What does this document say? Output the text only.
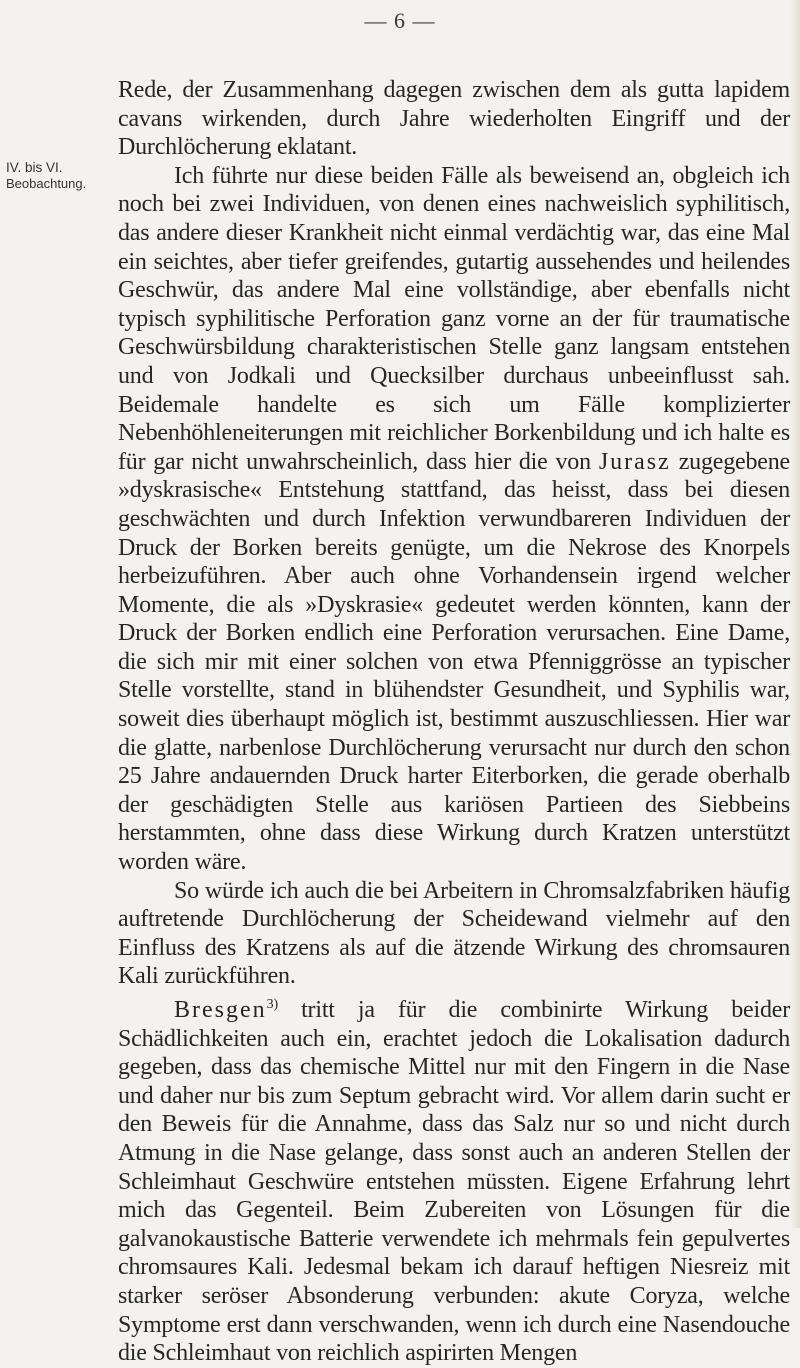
— 6 —
IV. bis VI.
Beobachtung.

Rede, der Zusammenhang dagegen zwischen dem als gutta lapidem cavans wirkenden, durch Jahre wiederholten Eingriff und der Durchlöcherung eklatant.

Ich führte nur diese beiden Fälle als beweisend an, obgleich ich noch bei zwei Individuen, von denen eines nachweislich syphilitisch, das andere dieser Krankheit nicht einmal verdächtig war, das eine Mal ein seichtes, aber tiefer greifendes, gutartig aussehendes und heilendes Geschwür, das andere Mal eine vollständige, aber ebenfalls nicht typisch syphilitische Perforation ganz vorne an der für traumatische Geschwürsbildung charakteristischen Stelle ganz langsam entstehen und von Jodkali und Quecksilber durchaus unbeeinflusst sah. Beidemale handelte es sich um Fälle komplizierter Nebenhöhleneiterungen mit reichlicher Borkenbildung und ich halte es für gar nicht unwahrscheinlich, dass hier die von Jurasz zugegebene »dyskrasische« Entstehung stattfand, das heisst, dass bei diesen geschwächten und durch Infektion verwundbareren Individuen der Druck der Borken bereits genügte, um die Nekrose des Knorpels herbeizuführen. Aber auch ohne Vorhandensein irgend welcher Momente, die als »Dyskrasie« gedeutet werden könnten, kann der Druck der Borken endlich eine Perforation verursachen. Eine Dame, die sich mir mit einer solchen von etwa Pfenniggrösse an typischer Stelle vorstellte, stand in blühendster Gesundheit, und Syphilis war, soweit dies überhaupt möglich ist, bestimmt auszuschliessen. Hier war die glatte, narbenlose Durchlöcherung verursacht nur durch den schon 25 Jahre andauernden Druck harter Eiterborken, die gerade oberhalb der geschädigten Stelle aus kariösen Partieen des Siebbeins herstammten, ohne dass diese Wirkung durch Kratzen unterstützt worden wäre.

So würde ich auch die bei Arbeitern in Chromsalzfabriken häufig auftretende Durchlöcherung der Scheidewand vielmehr auf den Einfluss des Kratzens als auf die ätzende Wirkung des chromsauren Kali zurückführen.

Bresgen$^{3)}$ tritt ja für die combinirte Wirkung beider Schädlichkeiten auch ein, erachtet jedoch die Lokalisation dadurch gegeben, dass das chemische Mittel nur mit den Fingern in die Nase und daher nur bis zum Septum gebracht wird. Vor allem darin sucht er den Beweis für die Annahme, dass das Salz nur so und nicht durch Atmung in die Nase gelange, dass sonst auch an anderen Stellen der Schleimhaut Geschwüre entstehen müssten. Eigene Erfahrung lehrt mich das Gegenteil. Beim Zubereiten von Lösungen für die galvanokaustische Batterie verwendete ich mehrmals fein gepulvertes chromsaures Kali. Jedesmal bekam ich darauf heftigen Niesreiz mit starker seröser Absonderung verbunden: akute Coryza, welche Symptome erst dann verschwanden, wenn ich durch eine Nasendouche die Schleimhaut von reichlich aspirirten Mengen
